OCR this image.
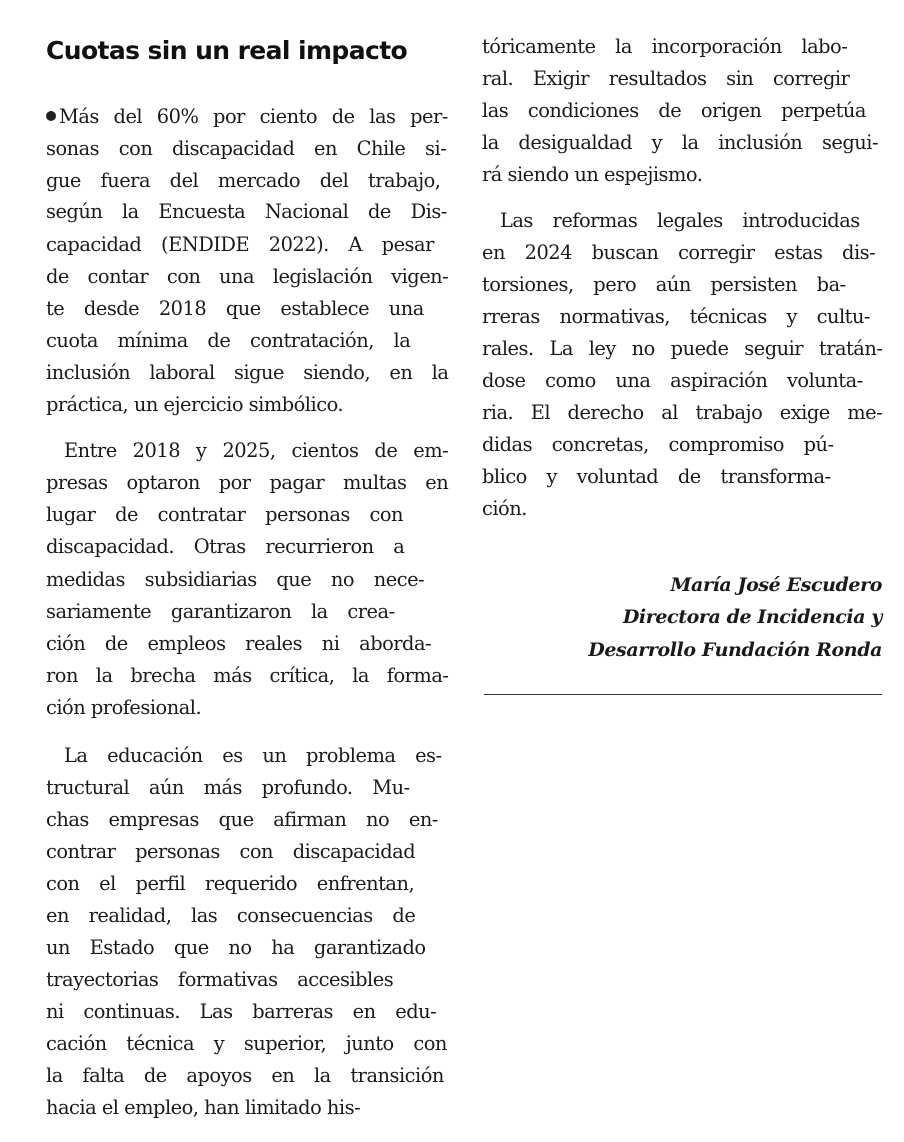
Cuotas sin un real impacto
Más del 60% por ciento de las per-
sonas con discapacidad en Chile si-
gue fuera del mercado del trabajo,
según la Encuesta Nacional de Dis-
capacidad (ENDIDE 2022). A pesar
de contar con una legislación vigen-
te desde 2018 que establece una
cuota mínima de contratación, la
inclusión laboral sigue siendo, en la
práctica, un ejercicio simbólico.
Entre 2018 y 2025, cientos de em-
presas optaron por pagar multas en
lugar de contratar personas con
discapacidad. Otras recurrieron a
medidas subsidiarias que no nece-
sariamente garantizaron la crea-
ción de empleos reales ni aborda-
ron la brecha más crítica, la forma-
ción profesional.
La educación es un problema es-
tructural aún más profundo. Mu-
chas empresas que afirman no en-
contrar personas con discapacidad
con el perfil requerido enfrentan,
en realidad, las consecuencias de
un Estado que no ha garantizado
trayectorias formativas accesibles
ni continuas. Las barreras en edu-
cación técnica y superior, junto con
la falta de apoyos en la transición
hacia el empleo, han limitado his-
tóricamente la incorporación labo-
ral. Exigir resultados sin corregir
las condiciones de origen perpetúa
la desigualdad y la inclusión segui-
rá siendo un espejismo.
Las reformas legales introducidas
en 2024 buscan corregir estas dis-
torsiones, pero aún persisten ba-
rreras normativas, técnicas y cultu-
rales. La ley no puede seguir tratán-
dose como una aspiración volunta-
ria. El derecho al trabajo exige me-
didas concretas, compromiso pú-
blico y voluntad de transforma-
ción.
María José Escudero
Directora de Incidencia y
Desarrollo Fundación Ronda
